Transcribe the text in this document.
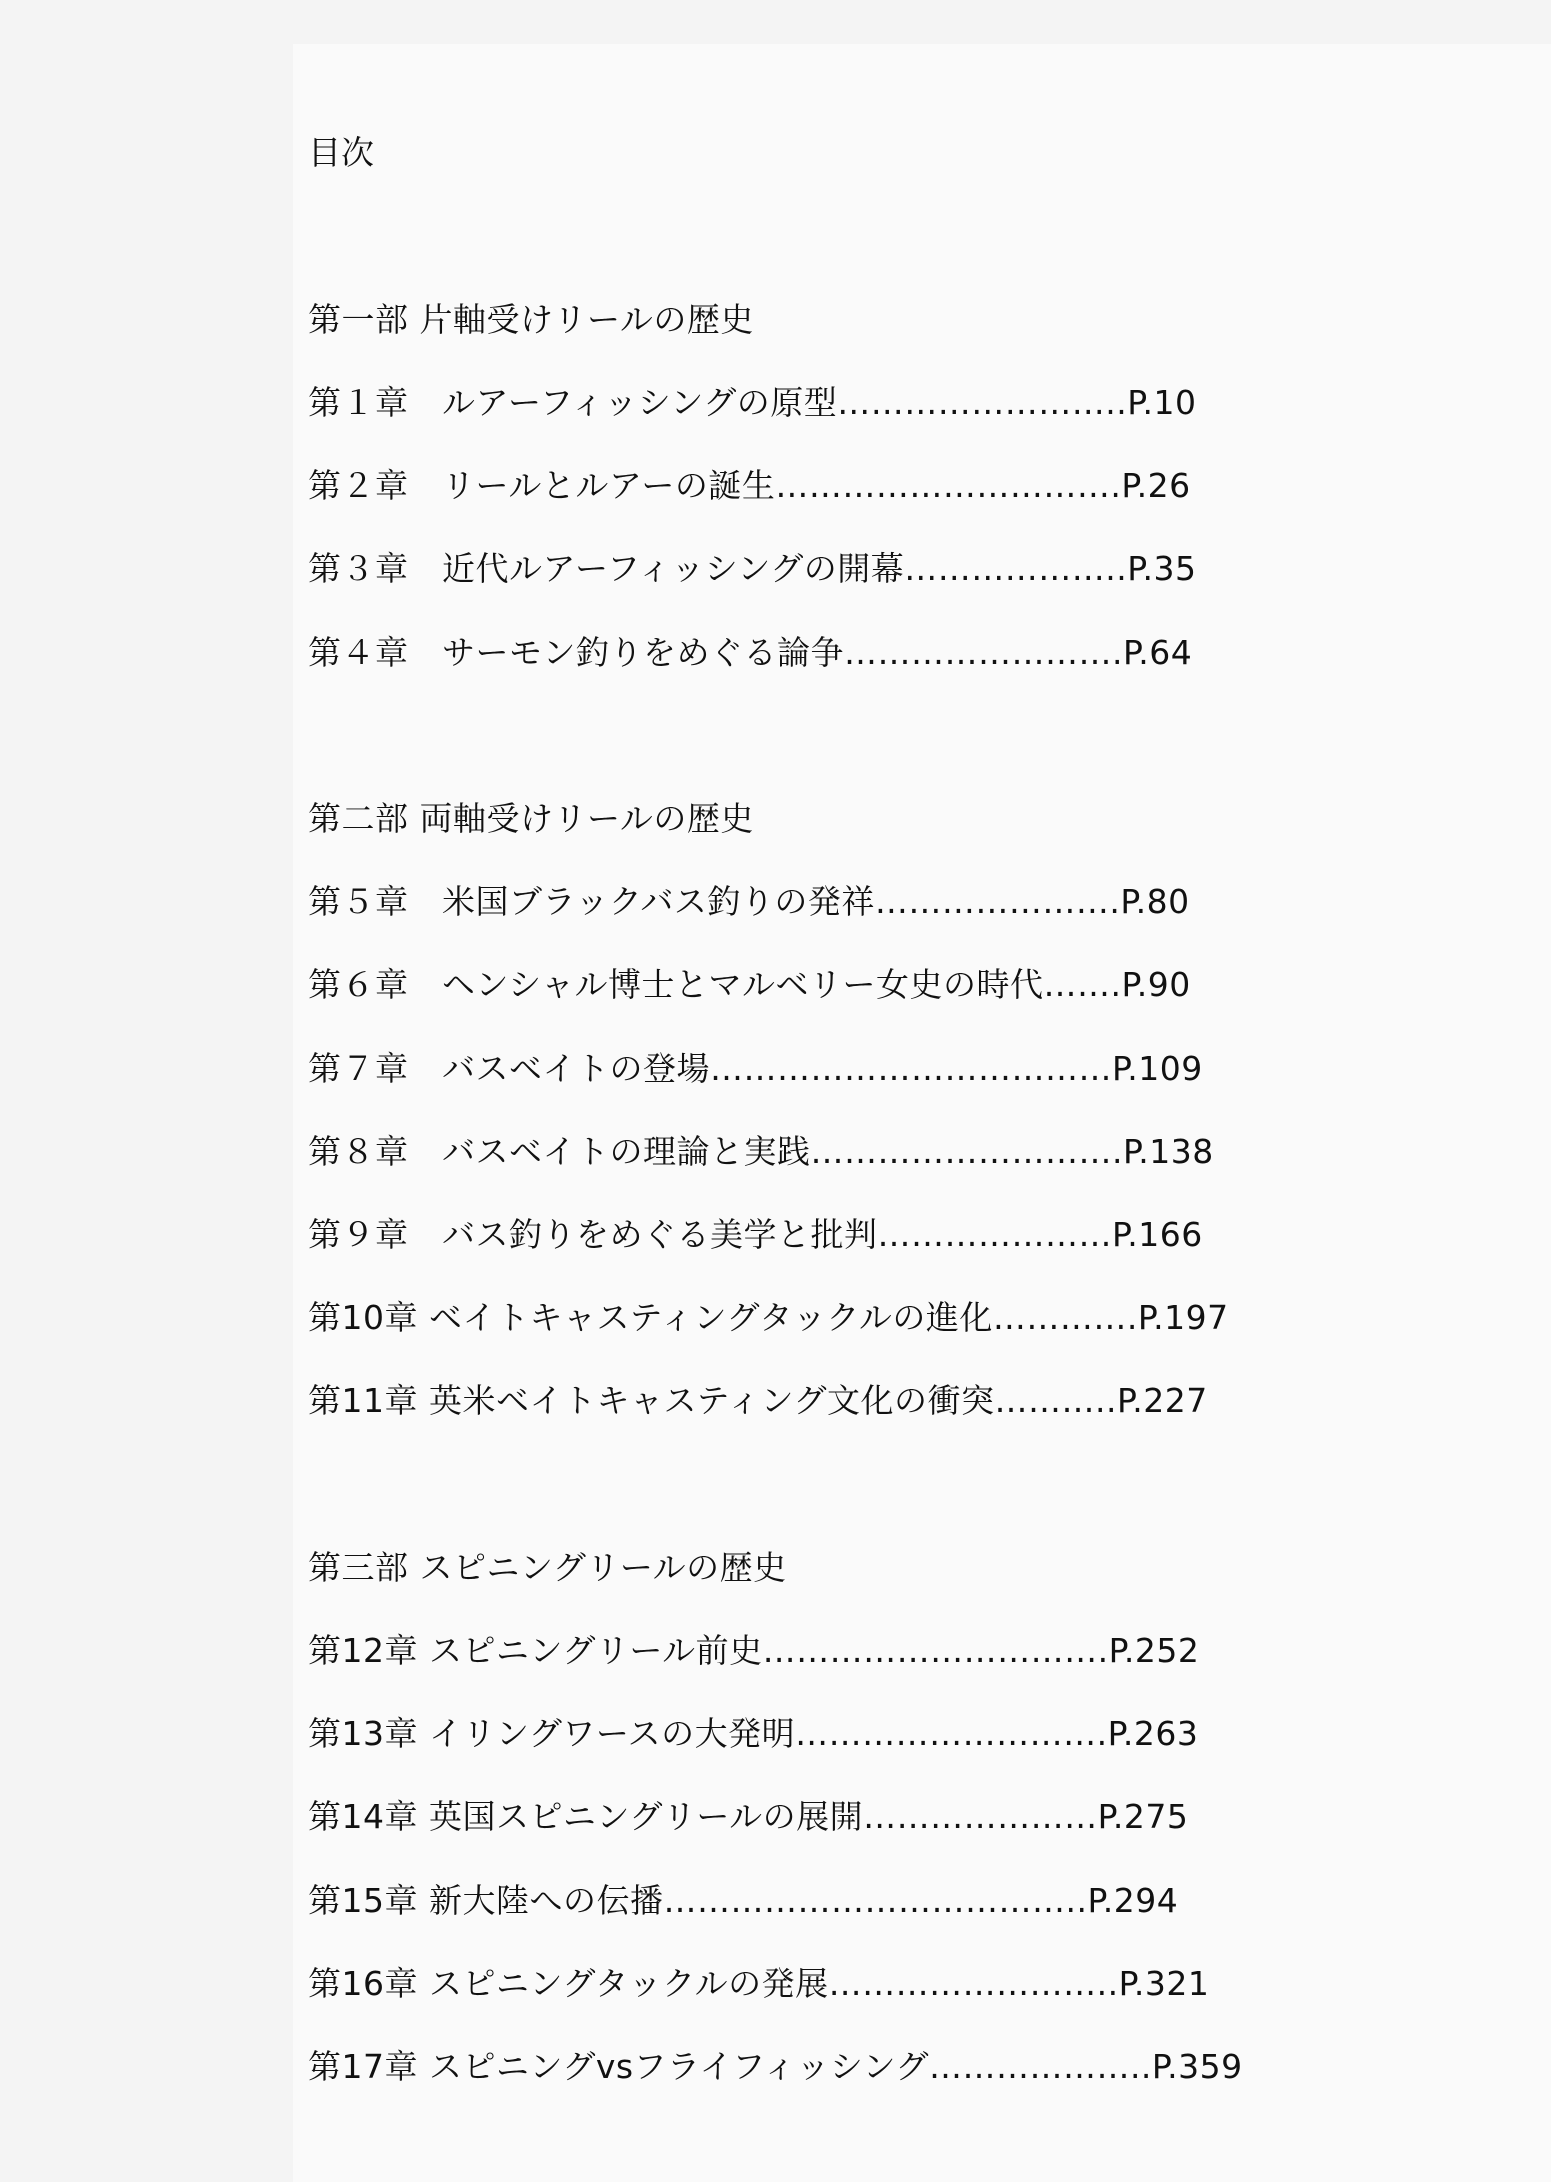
目次
第一部 片軸受けリールの歴史
第１章　ルアーフィッシングの原型……………………..P.10
第２章　リールとルアーの誕生………………………….P.26
第３章　近代ルアーフィッシングの開幕………………..P.35
第４章　サーモン釣りをめぐる論争…………………….P.64
第二部 両軸受けリールの歴史
第５章　米国ブラックバス釣りの発祥………………….P.80
第６章　ヘンシャル博士とマルベリー女史の時代…….P.90
第７章　バスベイトの登場………………………………P.109
第８章　バスベイトの理論と実践……………………….P.138
第９章　バス釣りをめぐる美学と批判…………………P.166
第10章 ベイトキャスティングタックルの進化………….P.197
第11章 英米ベイトキャスティング文化の衝突………..P.227
第三部 スピニングリールの歴史
第12章 スピニングリール前史………………………….P.252
第13章 イリングワースの大発明……………………….P.263
第14章 英国スピニングリールの展開…………………P.275
第15章 新大陸への伝播………………………………..P.294
第16章 スピニングタックルの発展……………………..P.321
第17章 スピニングvsフライフィッシング………………..P.359
